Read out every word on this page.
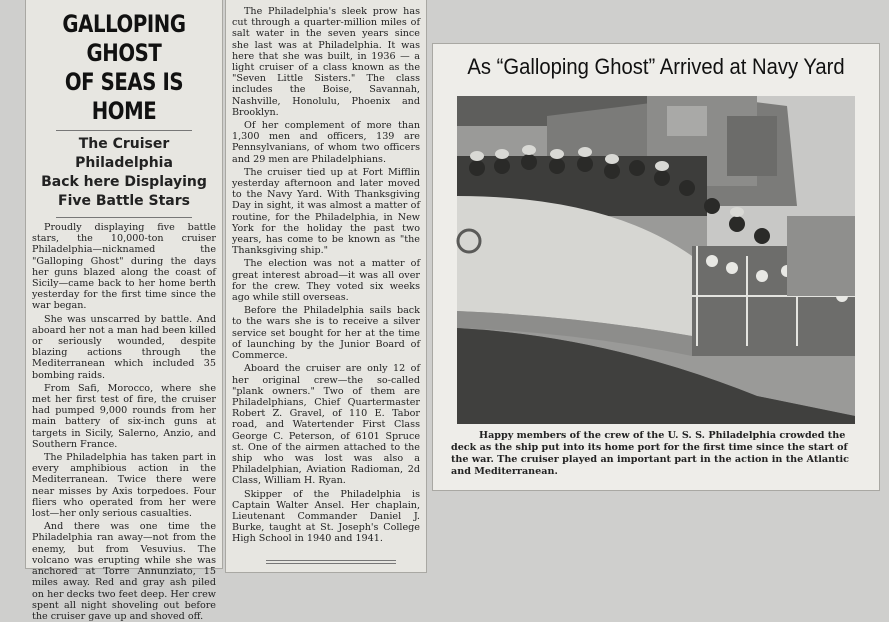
GALLOPING GHOST
OF SEAS IS HOME
The Cruiser Philadelphia
Back here Displaying
Five Battle Stars

Proudly displaying five battle stars, the 10,000-ton cruiser Philadelphia—nicknamed the "Galloping Ghost" during the days her guns blazed along the coast of Sicily—came back to her home berth yesterday for the first time since the war began.

She was unscarred by battle. And aboard her not a man had been killed or seriously wounded, despite blazing actions through the Mediterranean which included 35 bombing raids.

From Safi, Morocco, where she met her first test of fire, the cruiser had pumped 9,000 rounds from her main battery of six-inch guns at targets in Sicily, Salerno, Anzio, and Southern France.

The Philadelphia has taken part in every amphibious action in the Mediterranean. Twice there were near misses by Axis torpedoes. Four fliers who operated from her were lost—her only serious casualties.

And there was one time the Philadelphia ran away—not from the enemy, but from Vesuvius. The volcano was erupting while she was anchored at Torre Annunziato, 15 miles away. Red and gray ash piled on her decks two feet deep. Her crew spent all night shoveling out before the cruiser gave up and shoved off.

The Philadelphia's sleek prow has cut through a quarter-million miles of salt water in the seven years since she last was at Philadelphia. It was here that she was built, in 1936 — a light cruiser of a class known as the "Seven Little Sisters." The class includes the Boise, Savannah, Nashville, Honolulu, Phoenix and Brooklyn.

Of her complement of more than 1,300 men and officers, 139 are Pennsylvanians, of whom two officers and 29 men are Philadelphians.

The cruiser tied up at Fort Mifflin yesterday afternoon and later moved to the Navy Yard. With Thanksgiving Day in sight, it was almost a matter of routine, for the Philadelphia, in New York for the holiday the past two years, has come to be known as "the Thanksgiving ship."

The election was not a matter of great interest abroad—it was all over for the crew. They voted six weeks ago while still overseas.

Before the Philadelphia sails back to the wars she is to receive a silver service set bought for her at the time of launching by the Junior Board of Commerce.

Aboard the cruiser are only 12 of her original crew—the so-called "plank owners." Two of them are Philadelphians, Chief Quartermaster Robert Z. Gravel, of 110 E. Tabor road, and Watertender First Class George C. Peterson, of 6101 Spruce st. One of the airmen attached to the ship who was lost was also a Philadelphian, Aviation Radioman, 2d Class, William H. Ryan.

Skipper of the Philadelphia is Captain Walter Ansel. Her chaplain, Lieutenant Commander Daniel J. Burke, taught at St. Joseph's College High School in 1940 and 1941.

As “Galloping Ghost” Arrived at Navy Yard
Happy members of the crew of the U. S. S. Philadelphia crowded the deck as the ship put into its home port for the first time since the start of the war. The cruiser played an important part in the action in the Atlantic and Mediterranean.
